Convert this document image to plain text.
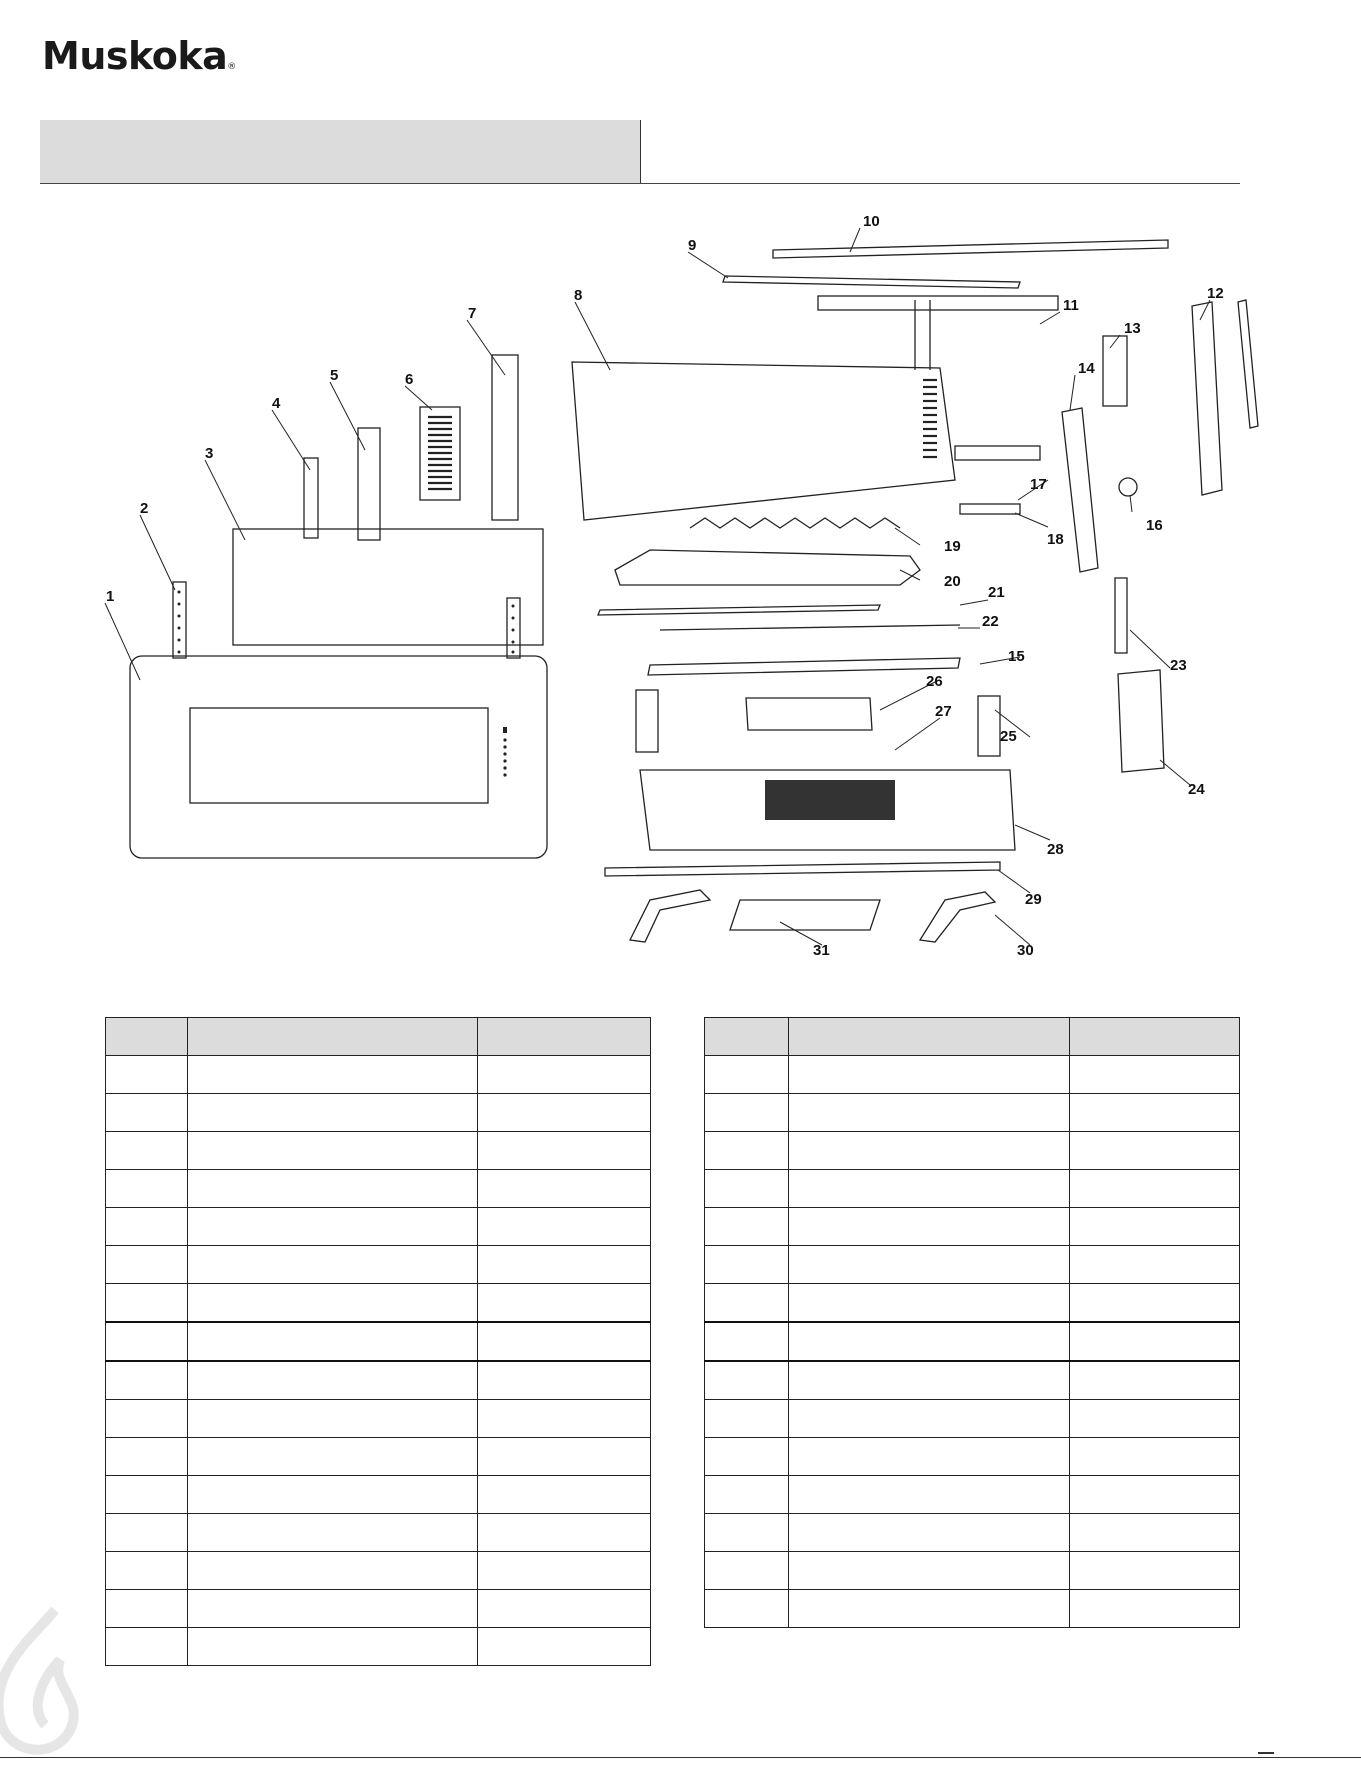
Muskoka®
1
2
3
4
5	6
7
8
9
10
11
12
13
14
15
16
17
18
19
20
21
22
23
24
25
26
27
28
29
30
31
